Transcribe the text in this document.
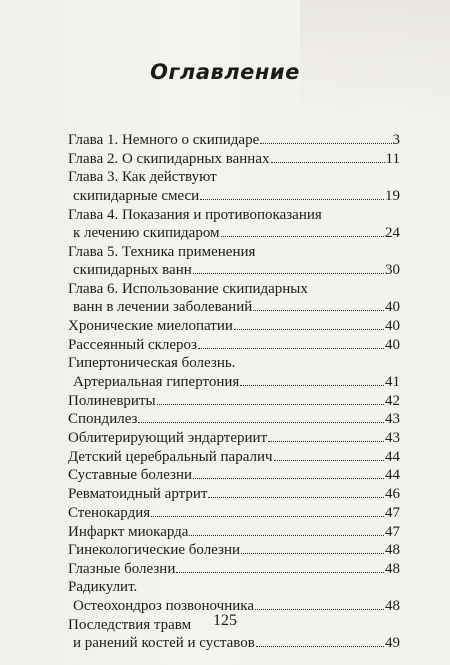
Оглавление
Глава 1. Немного о скипидаре	3
Глава 2. О скипидарных ваннах	11
Глава 3. Как действуют
скипидарные смеси	19
Глава 4. Показания и противопоказания
к лечению скипидаром	24
Глава 5. Техника применения
скипидарных ванн	30
Глава 6. Использование скипидарных
ванн в лечении заболеваний	40
Хронические миелопатии	40
Рассеянный склероз	40
Гипертоническая болезнь.
Артериальная гипертония	41
Полиневриты	42
Спондилез	43
Облитерирующий эндартериит	43
Детский церебральный паралич	44
Суставные болезни	44
Ревматоидный артрит	46
Стенокардия	47
Инфаркт миокарда	47
Гинекологические болезни	48
Глазные болезни	48
Радикулит.
Остеохондроз позвоночника	48
Последствия травм
и ранений костей и суставов	49
125
